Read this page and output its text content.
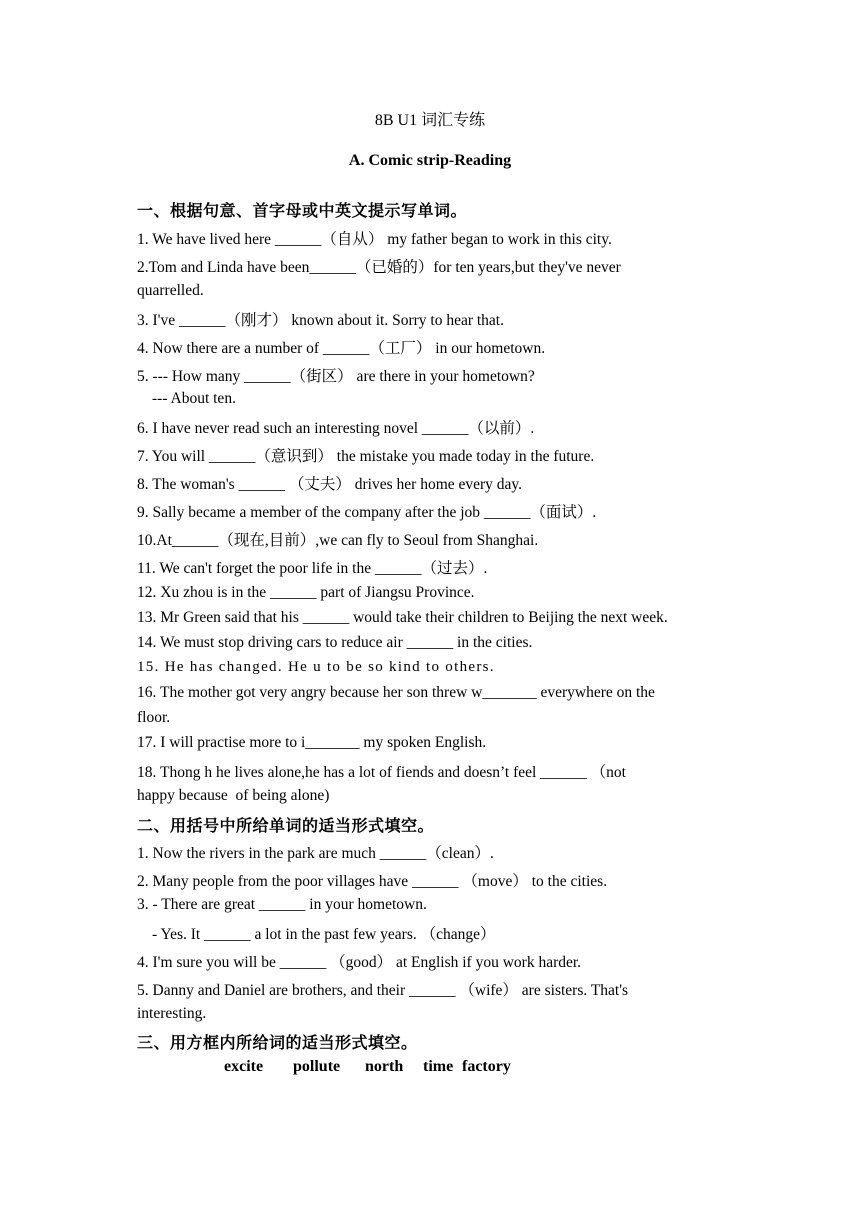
8B U1 词汇专练
A. Comic strip-Reading
一、根据句意、首字母或中英文提示写单词。
1. We have lived here ______（自从） my father began to work in this city.
2.Tom and Linda have been______（已婚的）for ten years,but they've never
quarrelled.
3. I've ______（刚才） known about it. Sorry to hear that.
4. Now there are a number of ______（工厂） in our hometown.
5. --- How many ______（街区） are there in your hometown?
--- About ten.
6. I have never read such an interesting novel ______（以前）.
7. You will ______（意识到） the mistake you made today in the future.
8. The woman's ______ （丈夫） drives her home every day.
9. Sally became a member of the company after the job ______（面试）.
10.At______（现在,目前）,we can fly to Seoul from Shanghai.
11. We can't forget the poor life in the ______（过去）.
12. Xu zhou is in the ______ part of Jiangsu Province.
13. Mr Green said that his ______ would take their children to Beijing the next week.
14. We must stop driving cars to reduce air ______ in the cities.
15. He has changed. He u to be so kind to others.
16. The mother got very angry because her son threw w_______ everywhere on the
floor.
17. I will practise more to i_______ my spoken English.
18. Thong h he lives alone,he has a lot of fiends and doesn’t feel ______ （not
happy because  of being alone)
二、用括号中所给单词的适当形式填空。
1. Now the rivers in the park are much ______（clean）.
2. Many people from the poor villages have ______ （move） to the cities.
3. - There are great ______ in your hometown.
- Yes. It ______ a lot in the past few years. （change）
4. I'm sure you will be ______ （good） at English if you work harder.
5. Danny and Daniel are brothers, and their ______ （wife） are sisters. That's
interesting.
三、用方框内所给词的适当形式填空。
excite	pollute	north	time factory
